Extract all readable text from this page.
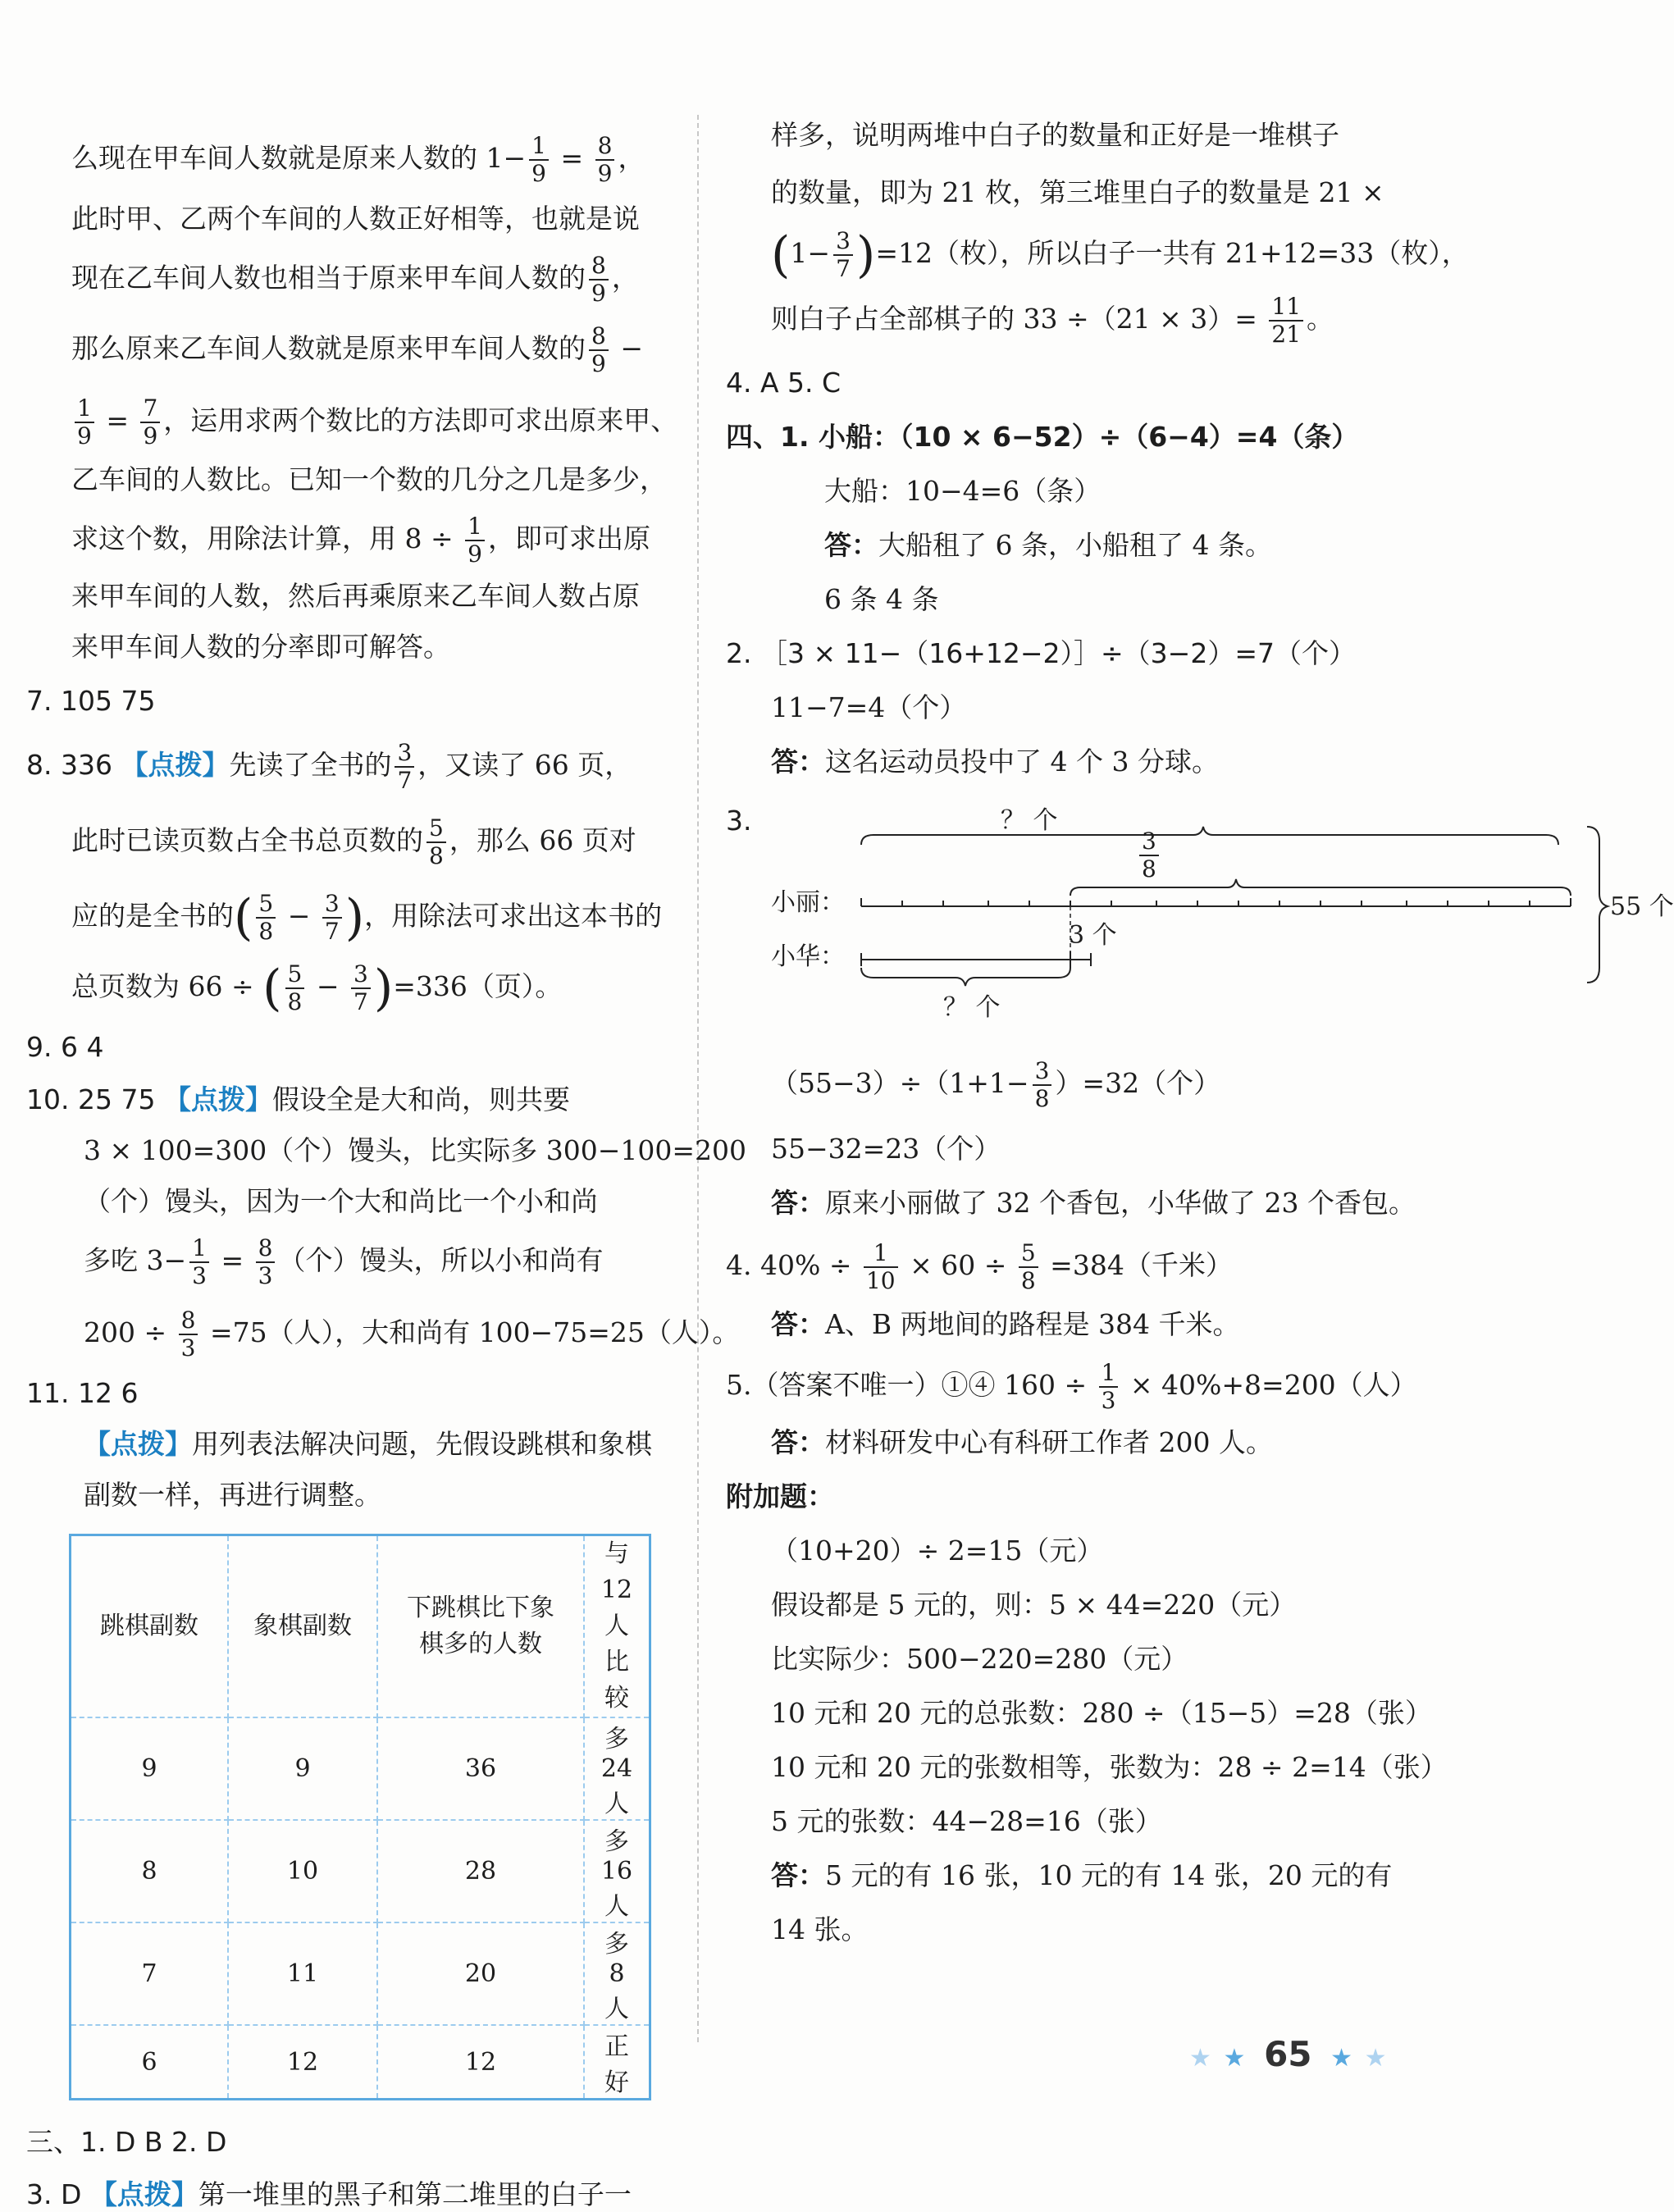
么现在甲车间人数就是原来人数的 $1- \frac{1}{9} = \frac{8}{9}$ ，
此时甲、乙两个车间的人数正好相等，也就是说
现在乙车间人数也相当于原来甲车间人数的 $\frac{8}{9}$ ，
那么原来乙车间人数就是原来甲车间人数的 $\frac{8}{9}$ −
$\frac{1}{9} = \frac{7}{9}$ ，运用求两个数比的方法即可求出原来甲、
乙车间的人数比。已知一个数的几分之几是多少，
求这个数，用除法计算，用 $8 \div \frac{1}{9}$ ，即可求出原
来甲车间的人数，然后再乘原来乙车间人数占原
来甲车间人数的分率即可解答。
7. 105 75
8. 336 【点拨】先读了全书的 $\frac{3}{7}$ ，又读了 66 页，
此时已读页数占全书总页数的 $\frac{5}{8}$ ，那么 66 页对
应的是全书的( $\frac{5}{8} - \frac{3}{7}$ )，用除法可求出这本书的
总页数为 66 ÷ ( $\frac{5}{8} - \frac{3}{7} )=336$（页）。
9. 6 4
10. 25 75 【点拨】假设全是大和尚，则共要
3 × 100=300（个）馒头，比实际多 300−100=200
（个）馒头，因为一个大和尚比一个小和尚
多吃 $3- \frac{1}{3} = \frac{8}{3}$ （个）馒头，所以小和尚有
$200 \div \frac{8}{3} =75$（人），大和尚有 100−75=25（人）。
11. 12 6
【点拨】用列表法解决问题，先假设跳棋和象棋
副数一样，再进行调整。
跳棋副数	象棋副数	下跳棋比下象
棋多的人数	与 12 人
比较
9	9	36	多 24 人
8	10	28	多 16 人
7	11	20	多 8 人
6	12	12	正好
三、1. D B 2. D
3. D 【点拨】第一堆里的黑子和第二堆里的白子一
样多，说明两堆中白子的数量和正好是一堆棋子
的数量，即为 21 枚，第三堆里白子的数量是 21 ×
$(1- \frac{3}{7} )=12$（枚），所以白子一共有 21+12=33（枚），
则白子占全部棋子的 $33 \div(21 \times 3)= \frac{11}{21}$ 。
4. A 5. C
四、1. 小船：（10 × 6−52）÷（6−4）=4（条）
大船：10−4=6（条）
答：大船租了 6 条，小船租了 4 条。
6 条 4 条
2. ［3 × 11−（16+12−2）］÷（3−2）=7（个）
11−7=4（个）
答：这名运动员投中了 4 个 3 分球。
3.	？ 个
$\frac{3}{8}$
小丽：
小华：
55 个
3 个
？ 个
$(55-3)\div(1+1- \frac{3}{8} )=32$（个）
55−32=23（个）
答：原来小丽做了 32 个香包，小华做了 23 个香包。
4. $40\% \div \frac{1}{10} \times 60 \div \frac{5}{8} =384$（千米）
答：A、B 两地间的路程是 384 千米。
5.（答案不唯一）①④ $160 \div \frac{1}{3} \times 40\%+8=200$（人）
答：材料研发中心有科研工作者 200 人。
附加题：
（10+20）÷ 2=15（元）
假设都是 5 元的，则：5 × 44=220（元）
比实际少：500−220=280（元）
10 元和 20 元的总张数：280 ÷（15−5）=28（张）
10 元和 20 元的张数相等，张数为：28 ÷ 2=14（张）
5 元的张数：44−28=16（张）
答：5 元的有 16 张，10 元的有 14 张，20 元的有
14 张。
★ ★ 65 ★ ★
